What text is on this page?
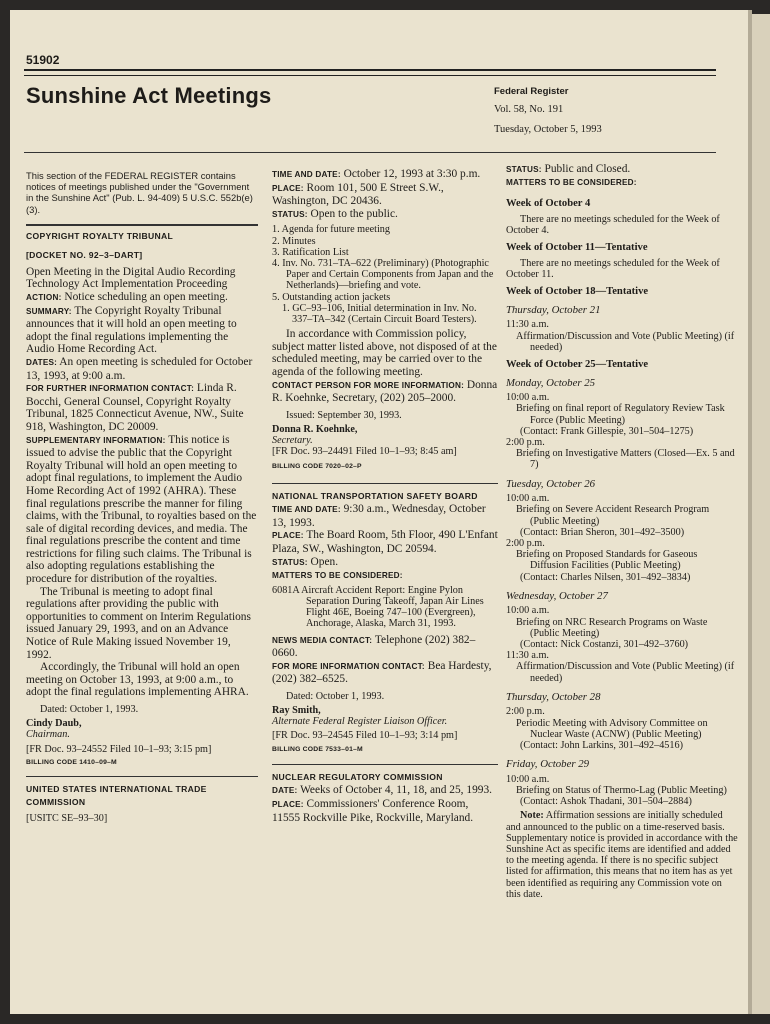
51902
Sunshine Act Meetings	Federal Register
Vol. 58, No. 191
Tuesday, October 5, 1993

This section of the FEDERAL REGISTER contains notices of meetings published under the "Government in the Sunshine Act" (Pub. L. 94-409) 5 U.S.C. 552b(e)(3).

COPYRIGHT ROYALTY TRIBUNAL

[DOCKET NO. 92–3–DART]

Open Meeting in the Digital Audio Recording Technology Act Implementation Proceeding

ACTION: Notice scheduling an open meeting.

SUMMARY: The Copyright Royalty Tribunal announces that it will hold an open meeting to adopt the final regulations implementing the Audio Home Recording Act.

DATES: An open meeting is scheduled for October 13, 1993, at 9:00 a.m.

FOR FURTHER INFORMATION CONTACT: Linda R. Bocchi, General Counsel, Copyright Royalty Tribunal, 1825 Connecticut Avenue, NW., Suite 918, Washington, DC 20009.

SUPPLEMENTARY INFORMATION: This notice is issued to advise the public that the Copyright Royalty Tribunal will hold an open meeting to adopt final regulations, to implement the Audio Home Recording Act of 1992 (AHRA). These final regulations prescribe the manner for filing claims, with the Tribunal, to royalties based on the sale of digital recording devices, and media. The final regulations prescribe the content and time restrictions for filing such claims. The Tribunal is also adopting regulations establishing the procedure for distribution of the royalties.

The Tribunal is meeting to adopt final regulations after providing the public with opportunities to comment on Interim Regulations issued January 29, 1993, and on an Advance Notice of Rule Making issued November 19, 1992.

Accordingly, the Tribunal will hold an open meeting on October 13, 1993, at 9:00 a.m., to adopt the final regulations implementing AHRA.

Dated: October 1, 1993.

Cindy Daub,

Chairman.

[FR Doc. 93–24552 Filed 10–1–93; 3:15 pm]

BILLING CODE 1410–09–M

UNITED STATES INTERNATIONAL TRADE COMMISSION

[USITC SE–93–30]

TIME AND DATE: October 12, 1993 at 3:30 p.m.

PLACE: Room 101, 500 E Street S.W., Washington, DC 20436.

STATUS: Open to the public.

1. Agenda for future meeting

2. Minutes

3. Ratification List

4. Inv. No. 731–TA–622 (Preliminary) (Photographic Paper and Certain Components from Japan and the Netherlands)—briefing and vote.

5. Outstanding action jackets

1. GC–93–106, Initial determination in Inv. No. 337–TA–342 (Certain Circuit Board Testers).

In accordance with Commission policy, subject matter listed above, not disposed of at the scheduled meeting, may be carried over to the agenda of the following meeting.

CONTACT PERSON FOR MORE INFORMATION: Donna R. Koehnke, Secretary, (202) 205–2000.

Issued: September 30, 1993.

Donna R. Koehnke,

Secretary.

[FR Doc. 93–24491 Filed 10–1–93; 8:45 am]

BILLING CODE 7020–02–P

NATIONAL TRANSPORTATION SAFETY BOARD

TIME AND DATE: 9:30 a.m., Wednesday, October 13, 1993.

PLACE: The Board Room, 5th Floor, 490 L'Enfant Plaza, SW., Washington, DC 20594.

STATUS: Open.

MATTERS TO BE CONSIDERED:

6081A Aircraft Accident Report: Engine Pylon Separation During Takeoff, Japan Air Lines Flight 46E, Boeing 747–100 (Evergreen), Anchorage, Alaska, March 31, 1993.

NEWS MEDIA CONTACT: Telephone (202) 382–0660.

FOR MORE INFORMATION CONTACT: Bea Hardesty, (202) 382–6525.

Dated: October 1, 1993.

Ray Smith,

Alternate Federal Register Liaison Officer.

[FR Doc. 93–24545 Filed 10–1–93; 3:14 pm]

BILLING CODE 7533–01–M

NUCLEAR REGULATORY COMMISSION

DATE: Weeks of October 4, 11, 18, and 25, 1993.

PLACE: Commissioners' Conference Room, 11555 Rockville Pike, Rockville, Maryland.

STATUS: Public and Closed.

MATTERS TO BE CONSIDERED:

Week of October 4

There are no meetings scheduled for the Week of October 4.

Week of October 11—Tentative

There are no meetings scheduled for the Week of October 11.

Week of October 18—Tentative

Thursday, October 21

11:30 a.m.

Affirmation/Discussion and Vote (Public Meeting) (if needed)

Week of October 25—Tentative

Monday, October 25

10:00 a.m.

Briefing on final report of Regulatory Review Task Force (Public Meeting)

(Contact: Frank Gillespie, 301–504–1275)

2:00 p.m.

Briefing on Investigative Matters (Closed—Ex. 5 and 7)

Tuesday, October 26

10:00 a.m.

Briefing on Severe Accident Research Program (Public Meeting)

(Contact: Brian Sheron, 301–492–3500)

2:00 p.m.

Briefing on Proposed Standards for Gaseous Diffusion Facilities (Public Meeting)

(Contact: Charles Nilsen, 301–492–3834)

Wednesday, October 27

10:00 a.m.

Briefing on NRC Research Programs on Waste (Public Meeting)

(Contact: Nick Costanzi, 301–492–3760)

11:30 a.m.

Affirmation/Discussion and Vote (Public Meeting) (if needed)

Thursday, October 28

2:00 p.m.

Periodic Meeting with Advisory Committee on Nuclear Waste (ACNW) (Public Meeting)

(Contact: John Larkins, 301–492–4516)

Friday, October 29

10:00 a.m.

Briefing on Status of Thermo-Lag (Public Meeting)

(Contact: Ashok Thadani, 301–504–2884)

Note: Affirmation sessions are initially scheduled and announced to the public on a time-reserved basis. Supplementary notice is provided in accordance with the Sunshine Act as specific items are identified and added to the meeting agenda. If there is no specific subject listed for affirmation, this means that no item has as yet been identified as requiring any Commission vote on this date.
